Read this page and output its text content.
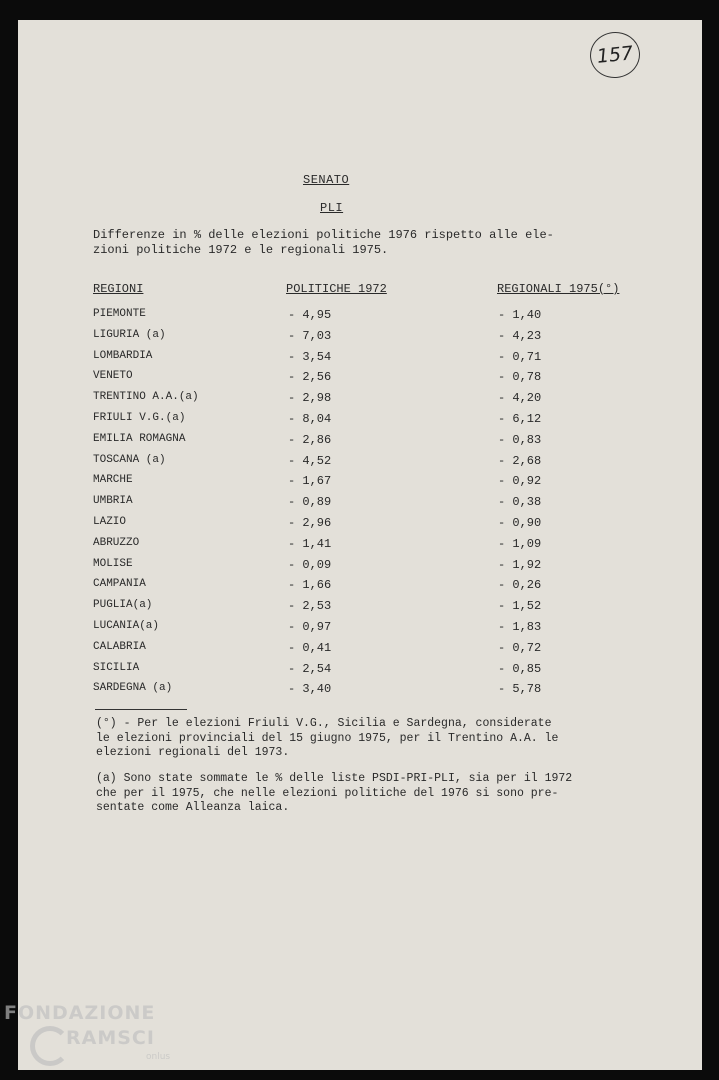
157
SENATO
PLI
Differenze in % delle elezioni politiche 1976 rispetto alle ele-
zioni politiche 1972 e le regionali 1975.
REGIONI	POLITICHE 1972	REGIONALI 1975(°)
PIEMONTE	- 4,95	- 1,40
LIGURIA (a)	- 7,03	- 4,23
LOMBARDIA	- 3,54	- 0,71
VENETO	- 2,56	- 0,78
TRENTINO A.A.(a)	- 2,98	- 4,20
FRIULI V.G.(a)	- 8,04	- 6,12
EMILIA ROMAGNA	- 2,86	- 0,83
TOSCANA (a)	- 4,52	- 2,68
MARCHE	- 1,67	- 0,92
UMBRIA	- 0,89	- 0,38
LAZIO	- 2,96	- 0,90
ABRUZZO	- 1,41	- 1,09
MOLISE	- 0,09	- 1,92
CAMPANIA	- 1,66	- 0,26
PUGLIA(a)	- 2,53	- 1,52
LUCANIA(a)	- 0,97	- 1,83
CALABRIA	- 0,41	- 0,72
SICILIA	- 2,54	- 0,85
SARDEGNA (a)	- 3,40	- 5,78
(°) - Per le elezioni Friuli V.G., Sicilia e Sardegna, considerate
le elezioni provinciali del 15 giugno 1975, per il Trentino A.A. le
elezioni regionali del 1973.
(a) Sono state sommate le % delle liste PSDI-PRI-PLI, sia per il 1972
che per il 1975, che nelle elezioni politiche del 1976 si sono pre-
sentate come Alleanza laica.
FONDAZIONE
RAMSCI
onlus
